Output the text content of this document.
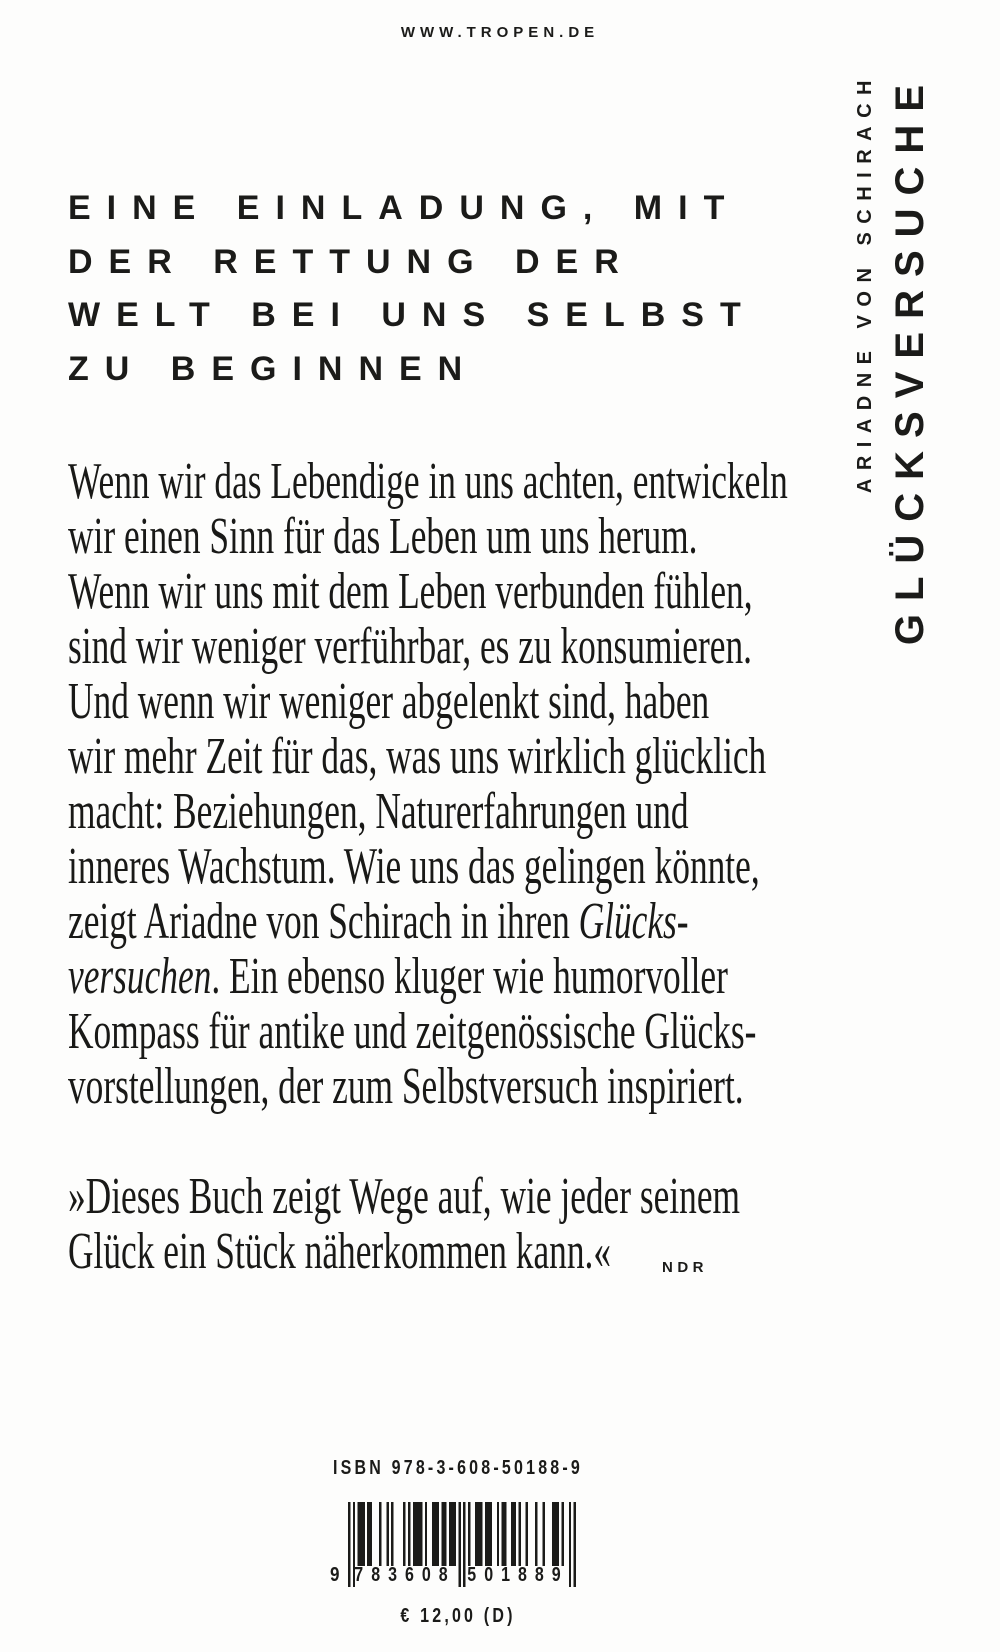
WWW.TROPEN.DE
ARIADNE VON SCHIRACH GLÜCKSVERSUCHE
EINE EINLADUNG, MIT
DER RETTUNG DER
WELT BEI UNS SELBST
ZU BEGINNEN
Wenn wir das Lebendige in uns achten, entwickeln
wir einen Sinn für das Leben um uns herum.
Wenn wir uns mit dem Leben verbunden fühlen,
sind wir weniger verführbar, es zu konsumieren.
Und wenn wir weniger abgelenkt sind, haben
wir mehr Zeit für das, was uns wirklich glücklich
macht: Beziehungen, Naturerfahrungen und
inneres Wachstum. Wie uns das gelingen könnte,
zeigt Ariadne von Schirach in ihren Glücks-
versuchen. Ein ebenso kluger wie humorvoller
Kompass für antike und zeitgenössische Glücks-
vorstellungen, der zum Selbstversuch inspiriert.
»Dieses Buch zeigt Wege auf, wie jeder seinem
Glück ein Stück näherkommen kann.«	NDR
ISBN 978-3-608-50188-9
9 783608 501889
€ 12,00 (D)
